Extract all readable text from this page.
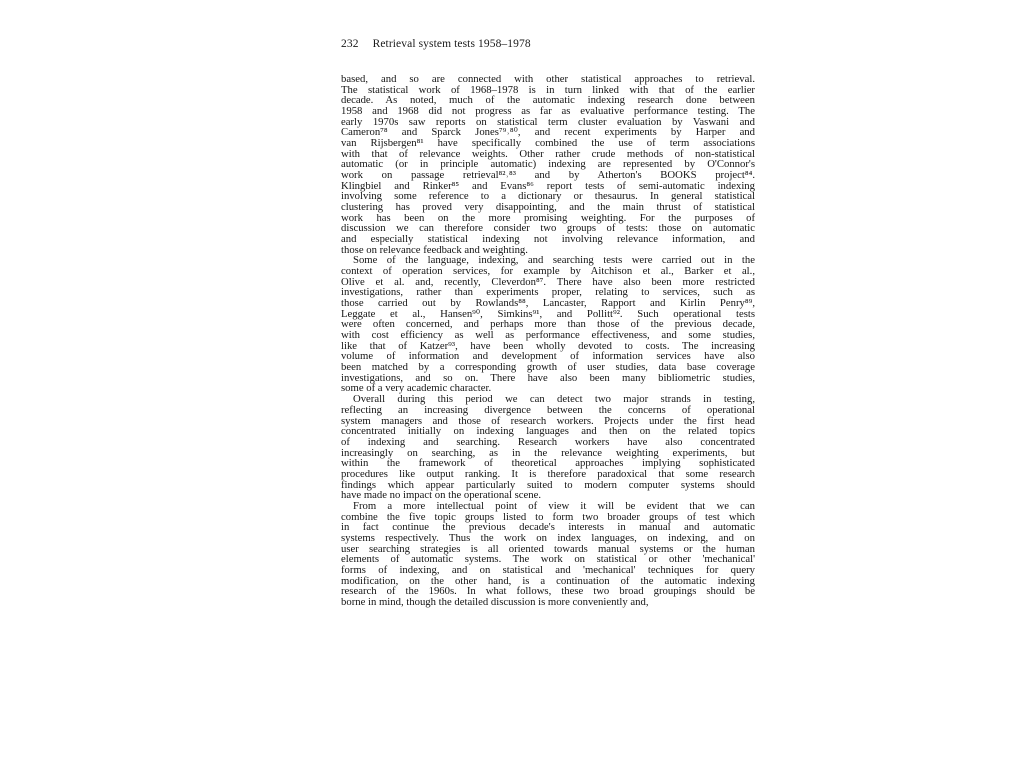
232 Retrieval system tests 1958–1978
based, and so are connected with other statistical approaches to retrieval.
The statistical work of 1968–1978 is in turn linked with that of the earlier
decade. As noted, much of the automatic indexing research done between
1958 and 1968 did not progress as far as evaluative performance testing. The
early 1970s saw reports on statistical term cluster evaluation by Vaswani and
Cameron⁷⁸ and Sparck Jones⁷⁹˒⁸⁰, and recent experiments by Harper and
van Rijsbergen⁸¹ have specifically combined the use of term associations
with that of relevance weights. Other rather crude methods of non-statistical
automatic (or in principle automatic) indexing are represented by O'Connor's
work on passage retrieval⁸²˒⁸³ and by Atherton's BOOKS project⁸⁴.
Klingbiel and Rinker⁸⁵ and Evans⁸⁶ report tests of semi-automatic indexing
involving some reference to a dictionary or thesaurus. In general statistical
clustering has proved very disappointing, and the main thrust of statistical
work has been on the more promising weighting. For the purposes of
discussion we can therefore consider two groups of tests: those on automatic
and especially statistical indexing not involving relevance information, and
those on relevance feedback and weighting.
Some of the language, indexing, and searching tests were carried out in the
context of operation services, for example by Aitchison et al., Barker et al.,
Olive et al. and, recently, Cleverdon⁸⁷. There have also been more restricted
investigations, rather than experiments proper, relating to services, such as
those carried out by Rowlands⁸⁸, Lancaster, Rapport and Kirlin Penry⁸⁹,
Leggate et al., Hansen⁹⁰, Simkins⁹¹, and Pollitt⁹². Such operational tests
were often concerned, and perhaps more than those of the previous decade,
with cost efficiency as well as performance effectiveness, and some studies,
like that of Katzer⁹³, have been wholly devoted to costs. The increasing
volume of information and development of information services have also
been matched by a corresponding growth of user studies, data base coverage
investigations, and so on. There have also been many bibliometric studies,
some of a very academic character.
Overall during this period we can detect two major strands in testing,
reflecting an increasing divergence between the concerns of operational
system managers and those of research workers. Projects under the first head
concentrated initially on indexing languages and then on the related topics
of indexing and searching. Research workers have also concentrated
increasingly on searching, as in the relevance weighting experiments, but
within the framework of theoretical approaches implying sophisticated
procedures like output ranking. It is therefore paradoxical that some research
findings which appear particularly suited to modern computer systems should
have made no impact on the operational scene.
From a more intellectual point of view it will be evident that we can
combine the five topic groups listed to form two broader groups of test which
in fact continue the previous decade's interests in manual and automatic
systems respectively. Thus the work on index languages, on indexing, and on
user searching strategies is all oriented towards manual systems or the human
elements of automatic systems. The work on statistical or other 'mechanical'
forms of indexing, and on statistical and 'mechanical' techniques for query
modification, on the other hand, is a continuation of the automatic indexing
research of the 1960s. In what follows, these two broad groupings should be
borne in mind, though the detailed discussion is more conveniently and,
